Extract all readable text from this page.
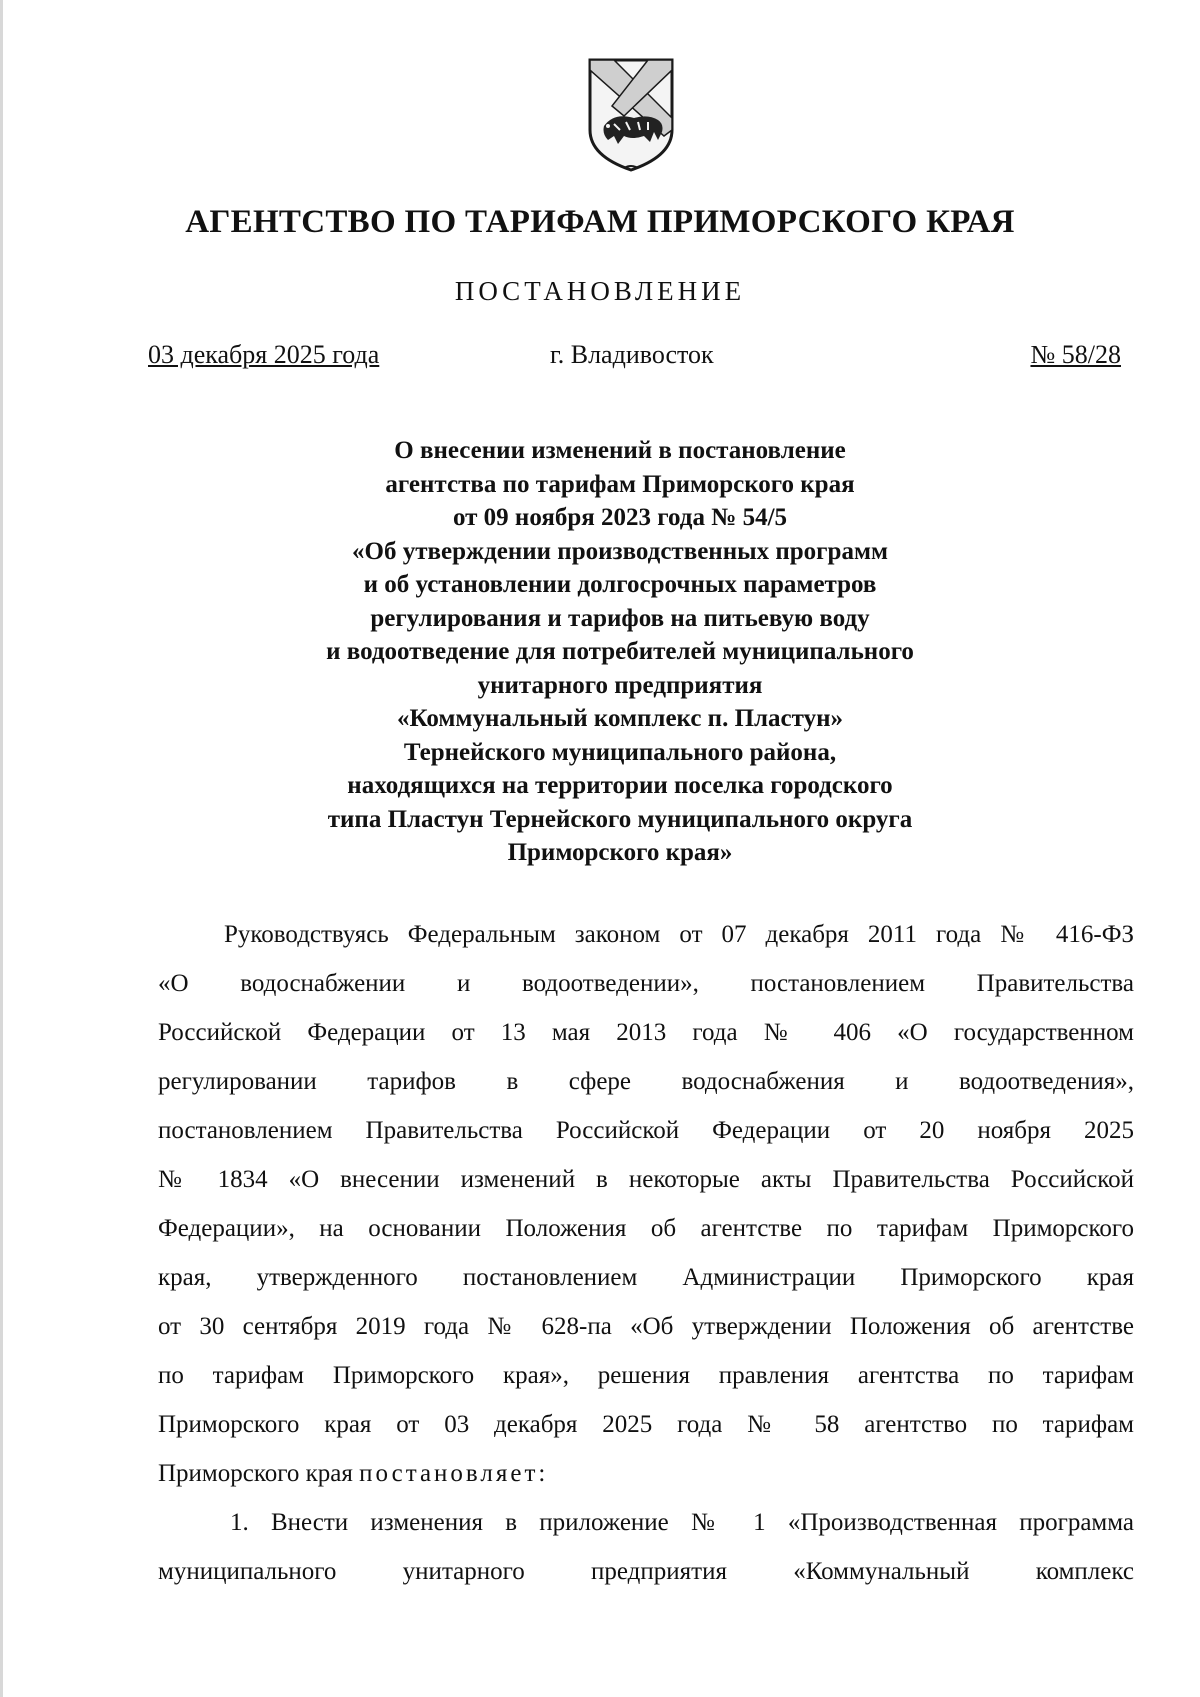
АГЕНТСТВО ПО ТАРИФАМ ПРИМОРСКОГО КРАЯ
ПОСТАНОВЛЕНИЕ
03 декабря 2025 года	г. Владивосток	№ 58/28
О внесении изменений в постановление
агентства по тарифам Приморского края
от 09 ноября 2023 года № 54/5
«Об утверждении производственных программ
и об установлении долгосрочных параметров
регулирования и тарифов на питьевую воду
и водоотведение для потребителей муниципального
унитарного предприятия
«Коммунальный комплекс п. Пластун»
Тернейского муниципального района,
находящихся на территории поселка городского
типа Пластун Тернейского муниципального округа
Приморского края»
Руководствуясь Федеральным законом от 07 декабря 2011 года № 416-ФЗ
«О водоснабжении и водоотведении», постановлением Правительства
Российской Федерации от 13 мая 2013 года № 406 «О государственном
регулировании тарифов в сфере водоснабжения и водоотведения»,
постановлением Правительства Российской Федерации от 20 ноября 2025
№ 1834 «О внесении изменений в некоторые акты Правительства Российской
Федерации», на основании Положения об агентстве по тарифам Приморского
края, утвержденного постановлением Администрации Приморского края
от 30 сентября 2019 года № 628-па «Об утверждении Положения об агентстве
по тарифам Приморского края», решения правления агентства по тарифам
Приморского края от 03 декабря 2025 года № 58 агентство по тарифам
Приморского края постановляет:
1. Внести изменения в приложение № 1 «Производственная программа
муниципального унитарного предприятия «Коммунальный комплекс
